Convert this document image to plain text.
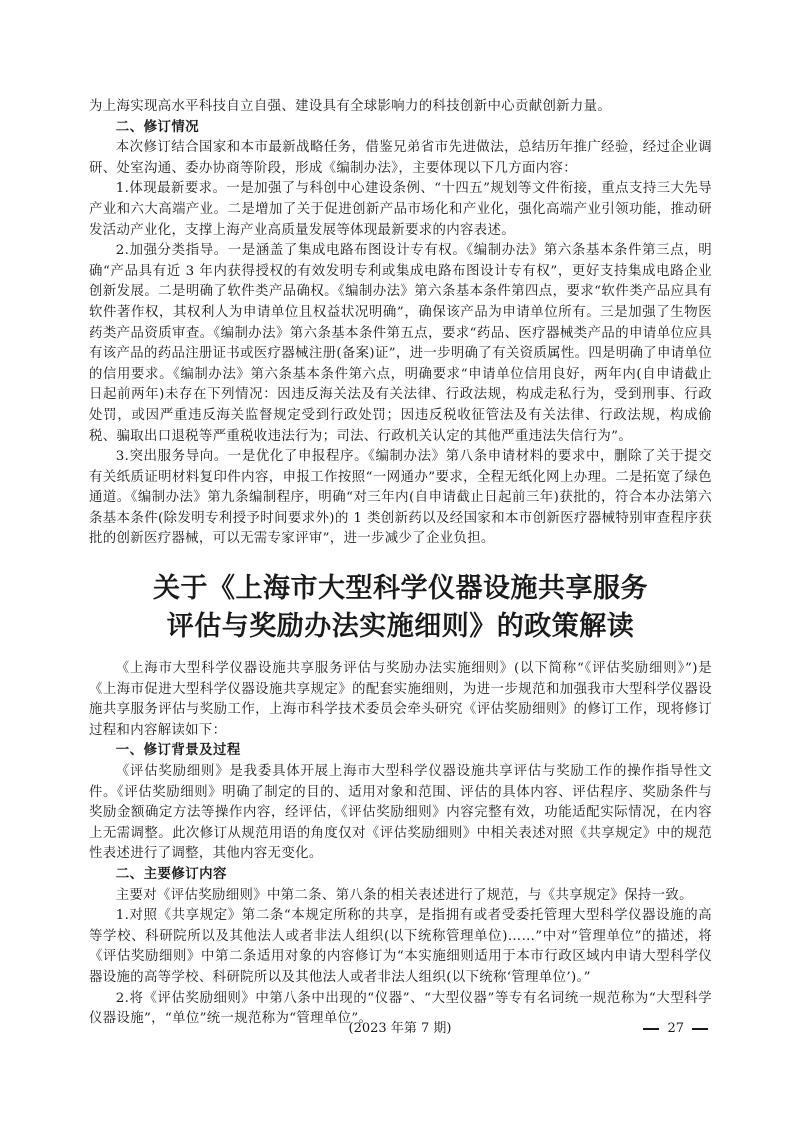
为上海实现高水平科技自立自强、建设具有全球影响力的科技创新中心贡献创新力量。

二、修订情况

本次修订结合国家和本市最新战略任务，借鉴兄弟省市先进做法，总结历年推广经验，经过企业调研、处室沟通、委办协商等阶段，形成《编制办法》，主要体现以下几方面内容：

1.体现最新要求。一是加强了与科创中心建设条例、“十四五”规划等文件衔接，重点支持三大先导产业和六大高端产业。二是增加了关于促进创新产品市场化和产业化，强化高端产业引领功能，推动研发活动产业化，支撑上海产业高质量发展等体现最新要求的内容表述。

2.加强分类指导。一是涵盖了集成电路布图设计专有权。《编制办法》第六条基本条件第三点，明确“产品具有近 3 年内获得授权的有效发明专利或集成电路布图设计专有权”，更好支持集成电路企业创新发展。二是明确了软件类产品确权。《编制办法》第六条基本条件第四点，要求“软件类产品应具有软件著作权，其权利人为申请单位且权益状况明确”，确保该产品为申请单位所有。三是加强了生物医药类产品资质审查。《编制办法》第六条基本条件第五点，要求“药品、医疗器械类产品的申请单位应具有该产品的药品注册证书或医疗器械注册(备案)证”，进一步明确了有关资质属性。四是明确了申请单位的信用要求。《编制办法》第六条基本条件第六点，明确要求“申请单位信用良好，两年内(自申请截止日起前两年)未存在下列情况：因违反海关法及有关法律、行政法规，构成走私行为，受到刑事、行政处罚，或因严重违反海关监督规定受到行政处罚；因违反税收征管法及有关法律、行政法规，构成偷税、骗取出口退税等严重税收违法行为；司法、行政机关认定的其他严重违法失信行为”。

3.突出服务导向。一是优化了申报程序。《编制办法》第八条申请材料的要求中，删除了关于提交有关纸质证明材料复印件内容，申报工作按照“一网通办”要求，全程无纸化网上办理。二是拓宽了绿色通道。《编制办法》第九条编制程序，明确“对三年内(自申请截止日起前三年)获批的，符合本办法第六条基本条件(除发明专利授予时间要求外)的 1 类创新药以及经国家和本市创新医疗器械特别审查程序获批的创新医疗器械，可以无需专家评审”，进一步减少了企业负担。

关于《上海市大型科学仪器设施共享服务
评估与奖励办法实施细则》的政策解读

《上海市大型科学仪器设施共享服务评估与奖励办法实施细则》(以下简称“《评估奖励细则》”)是《上海市促进大型科学仪器设施共享规定》的配套实施细则，为进一步规范和加强我市大型科学仪器设施共享服务评估与奖励工作，上海市科学技术委员会牵头研究《评估奖励细则》的修订工作，现将修订过程和内容解读如下：

一、修订背景及过程

《评估奖励细则》是我委具体开展上海市大型科学仪器设施共享评估与奖励工作的操作指导性文件。《评估奖励细则》明确了制定的目的、适用对象和范围、评估的具体内容、评估程序、奖励条件与奖励金额确定方法等操作内容，经评估，《评估奖励细则》内容完整有效，功能适配实际情况，在内容上无需调整。此次修订从规范用语的角度仅对《评估奖励细则》中相关表述对照《共享规定》中的规范性表述进行了调整，其他内容无变化。

二、主要修订内容

主要对《评估奖励细则》中第二条、第八条的相关表述进行了规范，与《共享规定》保持一致。

1.对照《共享规定》第二条“本规定所称的共享，是指拥有或者受委托管理大型科学仪器设施的高等学校、科研院所以及其他法人或者非法人组织(以下统称管理单位)……”中对“管理单位”的描述，将《评估奖励细则》中第二条适用对象的内容修订为“本实施细则适用于本市行政区域内申请大型科学仪器设施的高等学校、科研院所以及其他法人或者非法人组织(以下统称‘管理单位’)。”

2.将《评估奖励细则》中第八条中出现的“仪器”、“大型仪器”等专有名词统一规范称为“大型科学仪器设施”，“单位”统一规范称为“管理单位”。

(2023 年第 7 期)	27
